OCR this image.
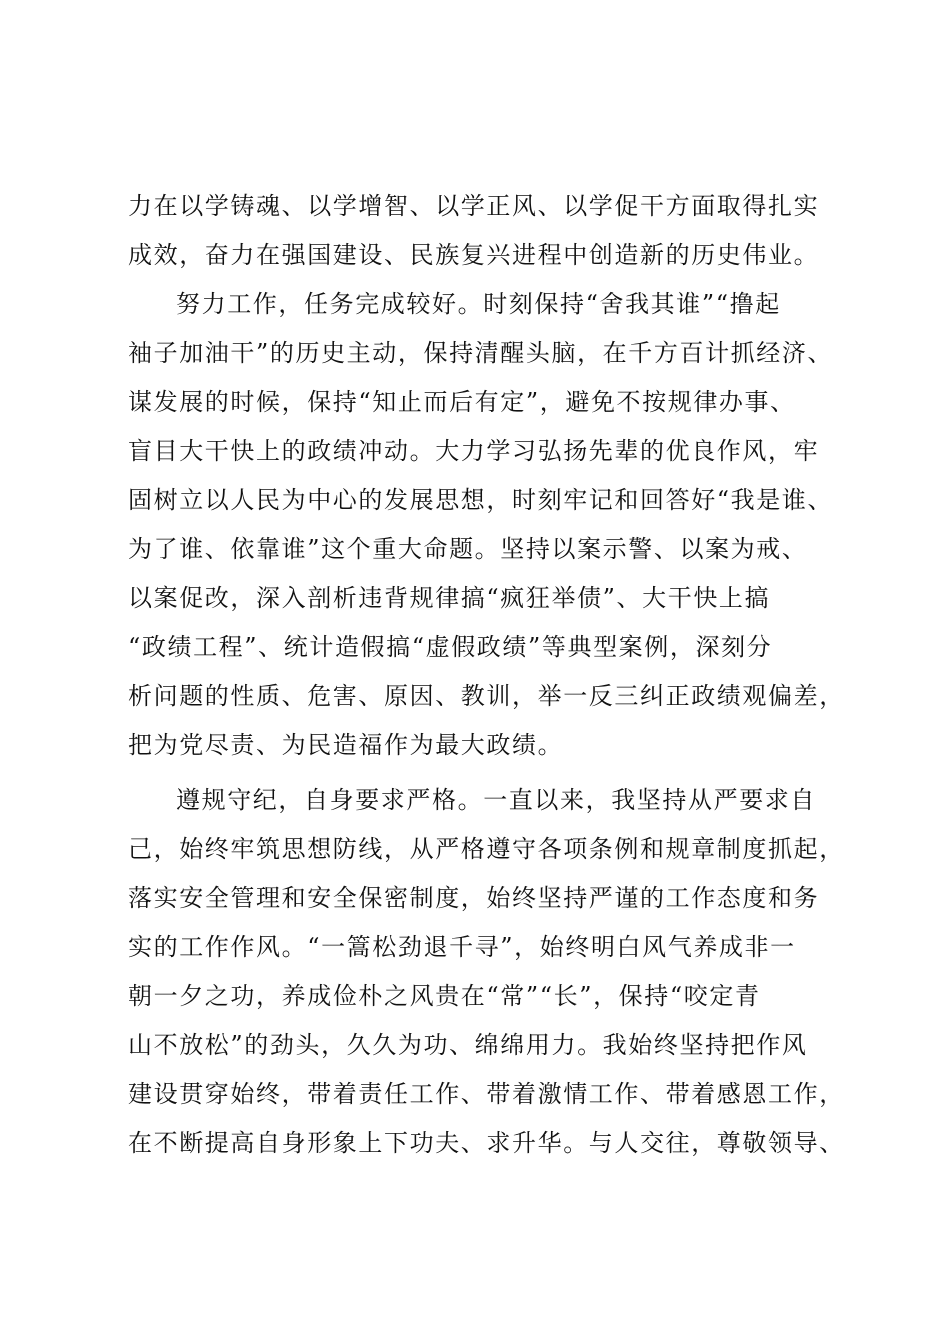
力在以学铸魂、以学增智、以学正风、以学促干方面取得扎实
成效，奋力在强国建设、民族复兴进程中创造新的历史伟业。
努力工作，任务完成较好。时刻保持“舍我其谁”“撸起
袖子加油干”的历史主动，保持清醒头脑，在千方百计抓经济、
谋发展的时候，保持“知止而后有定”，避免不按规律办事、
盲目大干快上的政绩冲动。大力学习弘扬先辈的优良作风，牢
固树立以人民为中心的发展思想，时刻牢记和回答好“我是谁、
为了谁、依靠谁”这个重大命题。坚持以案示警、以案为戒、
以案促改，深入剖析违背规律搞“疯狂举债”、大干快上搞
“政绩工程”、统计造假搞“虚假政绩”等典型案例，深刻分
析问题的性质、危害、原因、教训，举一反三纠正政绩观偏差，
把为党尽责、为民造福作为最大政绩。
遵规守纪，自身要求严格。一直以来，我坚持从严要求自
己，始终牢筑思想防线，从严格遵守各项条例和规章制度抓起，
落实安全管理和安全保密制度，始终坚持严谨的工作态度和务
实的工作作风。“一篙松劲退千寻”，始终明白风气养成非一
朝一夕之功，养成俭朴之风贵在“常”“长”，保持“咬定青
山不放松”的劲头，久久为功、绵绵用力。我始终坚持把作风
建设贯穿始终，带着责任工作、带着激情工作、带着感恩工作，
在不断提高自身形象上下功夫、求升华。与人交往，尊敬领导、
